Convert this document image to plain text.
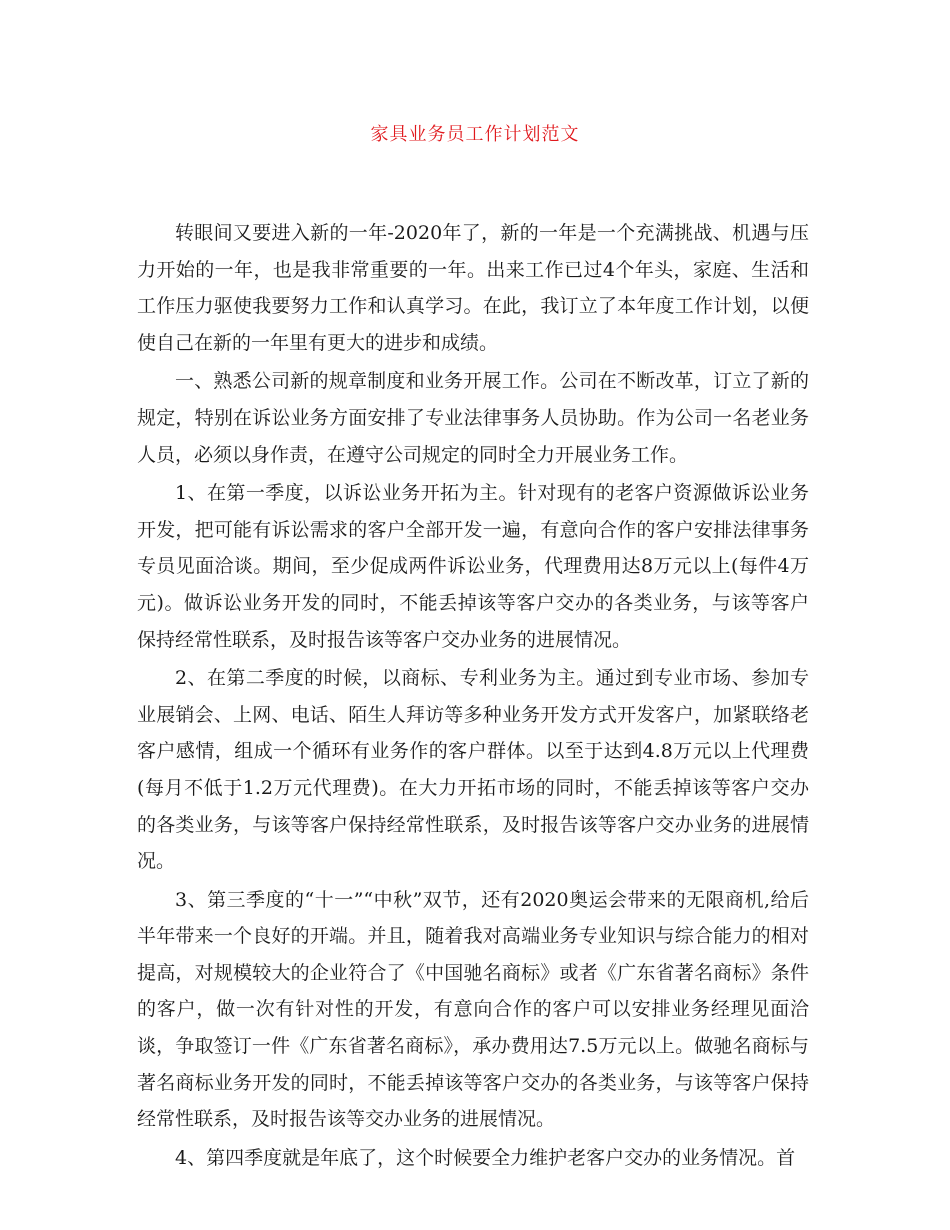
家具业务员工作计划范文

转眼间又要进入新的一年-2020年了，新的一年是一个充满挑战、机遇与压力开始的一年，也是我非常重要的一年。出来工作已过4个年头，家庭、生活和工作压力驱使我要努力工作和认真学习。在此，我订立了本年度工作计划，以便使自己在新的一年里有更大的进步和成绩。

一、熟悉公司新的规章制度和业务开展工作。公司在不断改革，订立了新的规定，特别在诉讼业务方面安排了专业法律事务人员协助。作为公司一名老业务人员，必须以身作责，在遵守公司规定的同时全力开展业务工作。

1、在第一季度，以诉讼业务开拓为主。针对现有的老客户资源做诉讼业务开发，把可能有诉讼需求的客户全部开发一遍，有意向合作的客户安排法律事务专员见面洽谈。期间，至少促成两件诉讼业务，代理费用达8万元以上(每件4万元)。做诉讼业务开发的同时，不能丢掉该等客户交办的各类业务，与该等客户保持经常性联系，及时报告该等客户交办业务的进展情况。

2、在第二季度的时候，以商标、专利业务为主。通过到专业市场、参加专业展销会、上网、电话、陌生人拜访等多种业务开发方式开发客户，加紧联络老客户感情，组成一个循环有业务作的客户群体。以至于达到4.8万元以上代理费(每月不低于1.2万元代理费)。在大力开拓市场的同时，不能丢掉该等客户交办的各类业务，与该等客户保持经常性联系，及时报告该等客户交办业务的进展情况。

3、第三季度的“十一”“中秋”双节，还有2020奥运会带来的无限商机,给后半年带来一个良好的开端。并且，随着我对高端业务专业知识与综合能力的相对提高，对规模较大的企业符合了《中国驰名商标》或者《广东省著名商标》条件的客户，做一次有针对性的开发，有意向合作的客户可以安排业务经理见面洽谈，争取签订一件《广东省著名商标》，承办费用达7.5万元以上。做驰名商标与著名商标业务开发的同时，不能丢掉该等客户交办的各类业务，与该等客户保持经常性联系，及时报告该等交办业务的进展情况。

4、第四季度就是年底了，这个时候要全力维护老客户交办的业务情况。首
